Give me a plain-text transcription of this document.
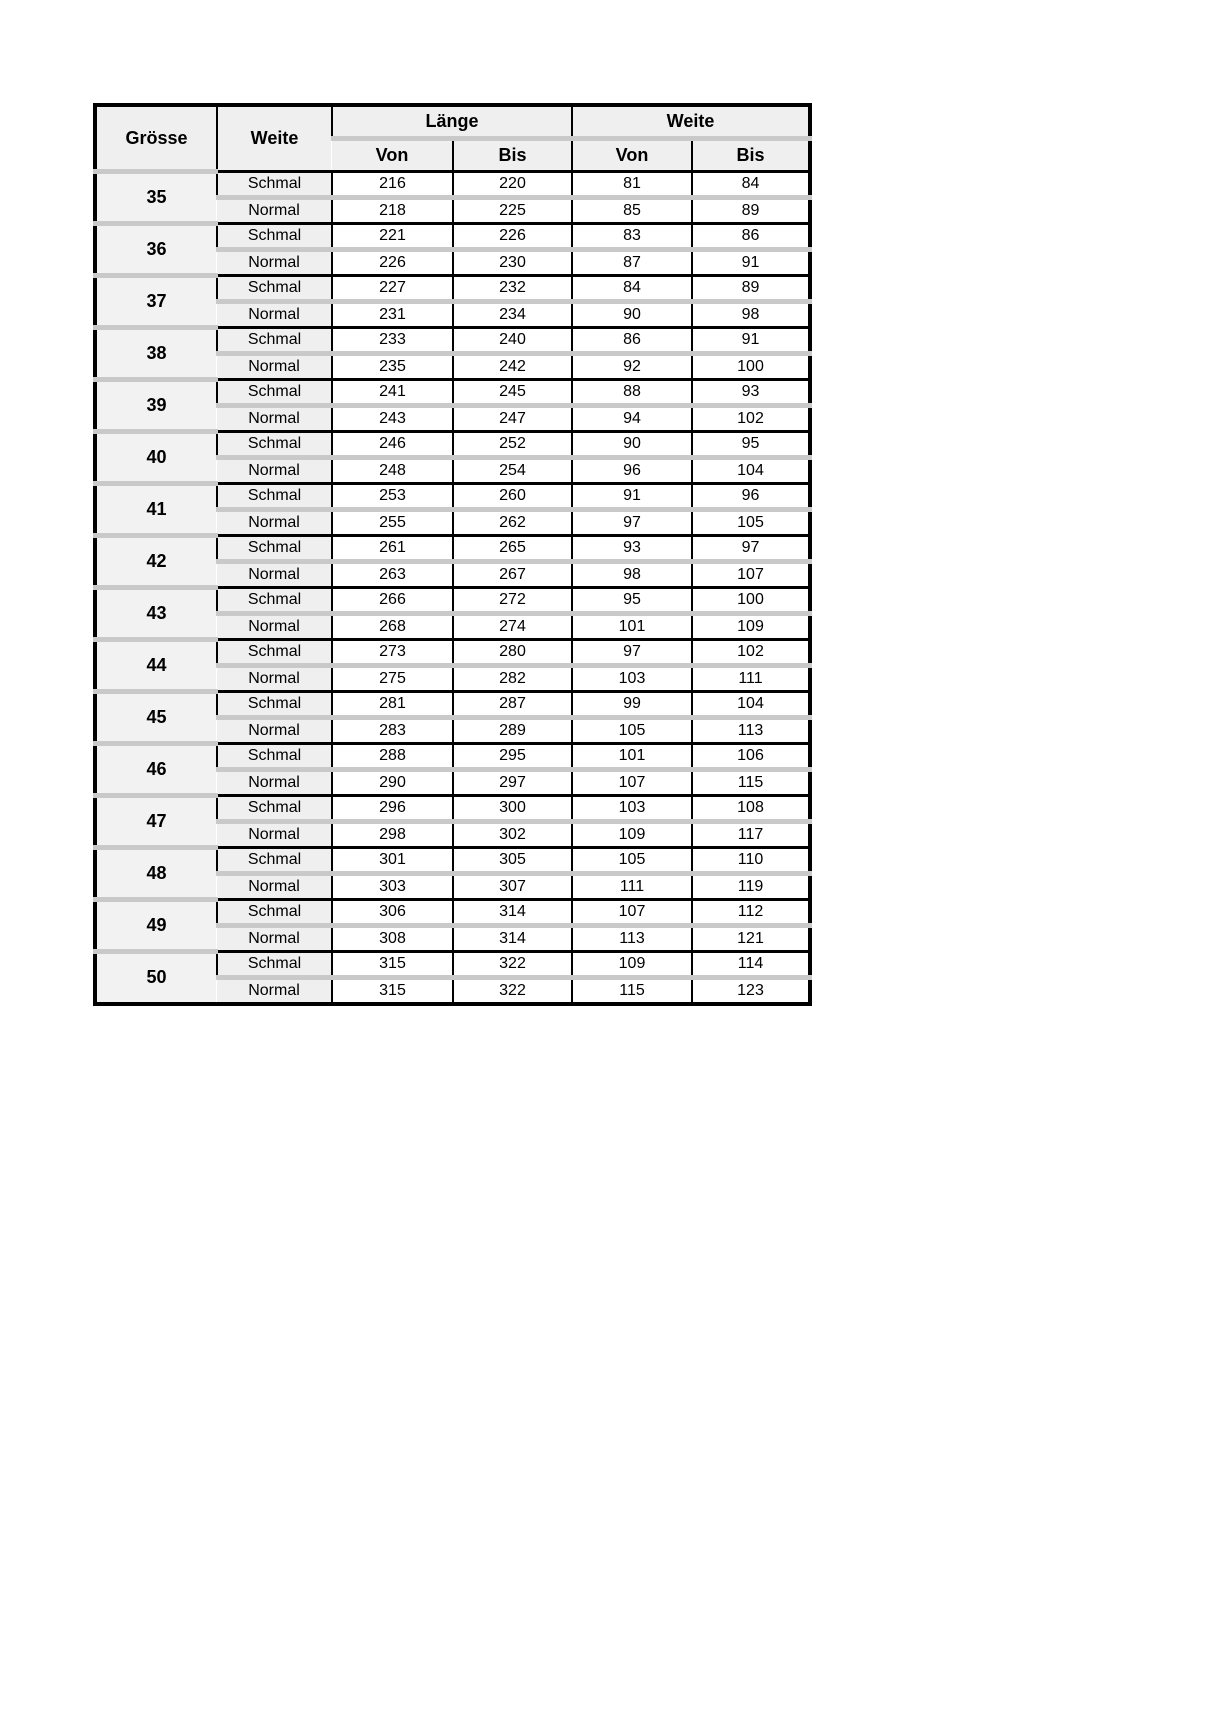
Grösse	Weite	Länge		Weite	
		Von	Bis	Von	Bis
35	Schmal	216	220	81	84
	Normal	218	225	85	89
36	Schmal	221	226	83	86
	Normal	226	230	87	91
37	Schmal	227	232	84	89
	Normal	231	234	90	98
38	Schmal	233	240	86	91
	Normal	235	242	92	100
39	Schmal	241	245	88	93
	Normal	243	247	94	102
40	Schmal	246	252	90	95
	Normal	248	254	96	104
41	Schmal	253	260	91	96
	Normal	255	262	97	105
42	Schmal	261	265	93	97
	Normal	263	267	98	107
43	Schmal	266	272	95	100
	Normal	268	274	101	109
44	Schmal	273	280	97	102
	Normal	275	282	103	111
45	Schmal	281	287	99	104
	Normal	283	289	105	113
46	Schmal	288	295	101	106
	Normal	290	297	107	115
47	Schmal	296	300	103	108
	Normal	298	302	109	117
48	Schmal	301	305	105	110
	Normal	303	307	111	119
49	Schmal	306	314	107	112
	Normal	308	314	113	121
50	Schmal	315	322	109	114
	Normal	315	322	115	123
